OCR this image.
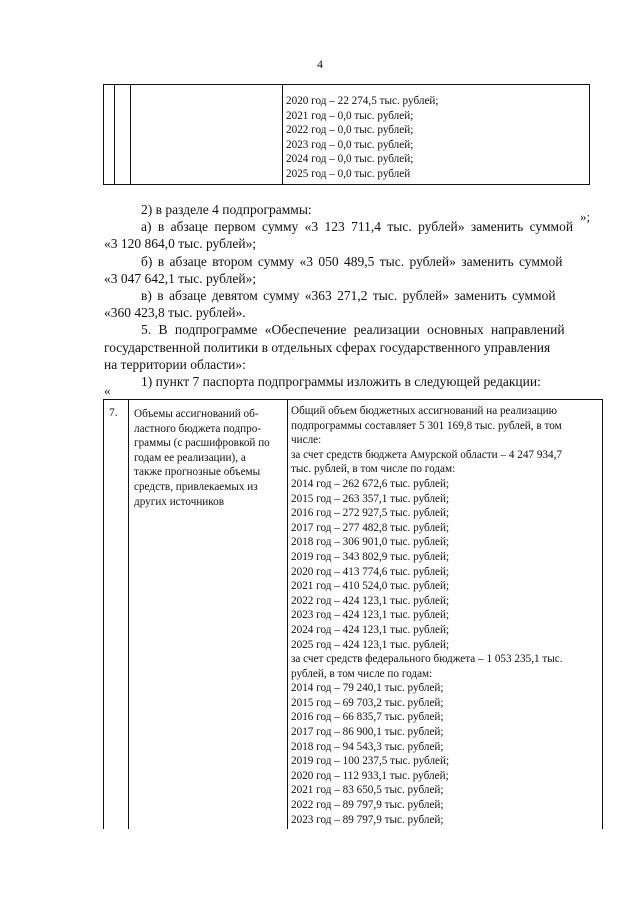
4
2020 год – 22 274,5 тыс. рублей;
2021 год – 0,0 тыс. рублей;
2022 год – 0,0 тыс. рублей;
2023 год – 0,0 тыс. рублей;
2024 год – 0,0 тыс. рублей;
2025 год – 0,0 тыс. рублей
»;
2) в разделе 4 подпрограммы:
а) в абзаце первом сумму «3 123 711,4 тыс. рублей» заменить суммой
«3 120 864,0 тыс. рублей»;
б) в абзаце втором сумму «3 050 489,5 тыс. рублей» заменить суммой
«3 047 642,1 тыс. рублей»;
в) в абзаце девятом сумму «363 271,2 тыс. рублей» заменить суммой
«360 423,8 тыс. рублей».
5. В подпрограмме «Обеспечение реализации основных направлений
государственной политики в отдельных сферах государственного управления
на территории области»:
1) пункт 7 паспорта подпрограммы изложить в следующей редакции:
«
7. Объемы ассигнований об-
ластного бюджета подпро-
граммы (с расшифровкой по
годам ее реализации), а
также прогнозные объемы
средств, привлекаемых из
других источников
Общий объем бюджетных ассигнований на реализацию
подпрограммы составляет 5 301 169,8 тыс. рублей, в том
числе:
за счет средств бюджета Амурской области – 4 247 934,7
тыс. рублей, в том числе по годам:
2014 год – 262 672,6 тыс. рублей;
2015 год – 263 357,1 тыс. рублей;
2016 год – 272 927,5 тыс. рублей;
2017 год – 277 482,8 тыс. рублей;
2018 год – 306 901,0 тыс. рублей;
2019 год – 343 802,9 тыс. рублей;
2020 год – 413 774,6 тыс. рублей;
2021 год – 410 524,0 тыс. рублей;
2022 год – 424 123,1 тыс. рублей;
2023 год – 424 123,1 тыс. рублей;
2024 год – 424 123,1 тыс. рублей;
2025 год – 424 123,1 тыс. рублей;
за счет средств федерального бюджета – 1 053 235,1 тыс.
рублей, в том числе по годам:
2014 год – 79 240,1 тыс. рублей;
2015 год – 69 703,2 тыс. рублей;
2016 год – 66 835,7 тыс. рублей;
2017 год – 86 900,1 тыс. рублей;
2018 год – 94 543,3 тыс. рублей;
2019 год – 100 237,5 тыс. рублей;
2020 год – 112 933,1 тыс. рублей;
2021 год – 83 650,5 тыс. рублей;
2022 год – 89 797,9 тыс. рублей;
2023 год – 89 797,9 тыс. рублей;
